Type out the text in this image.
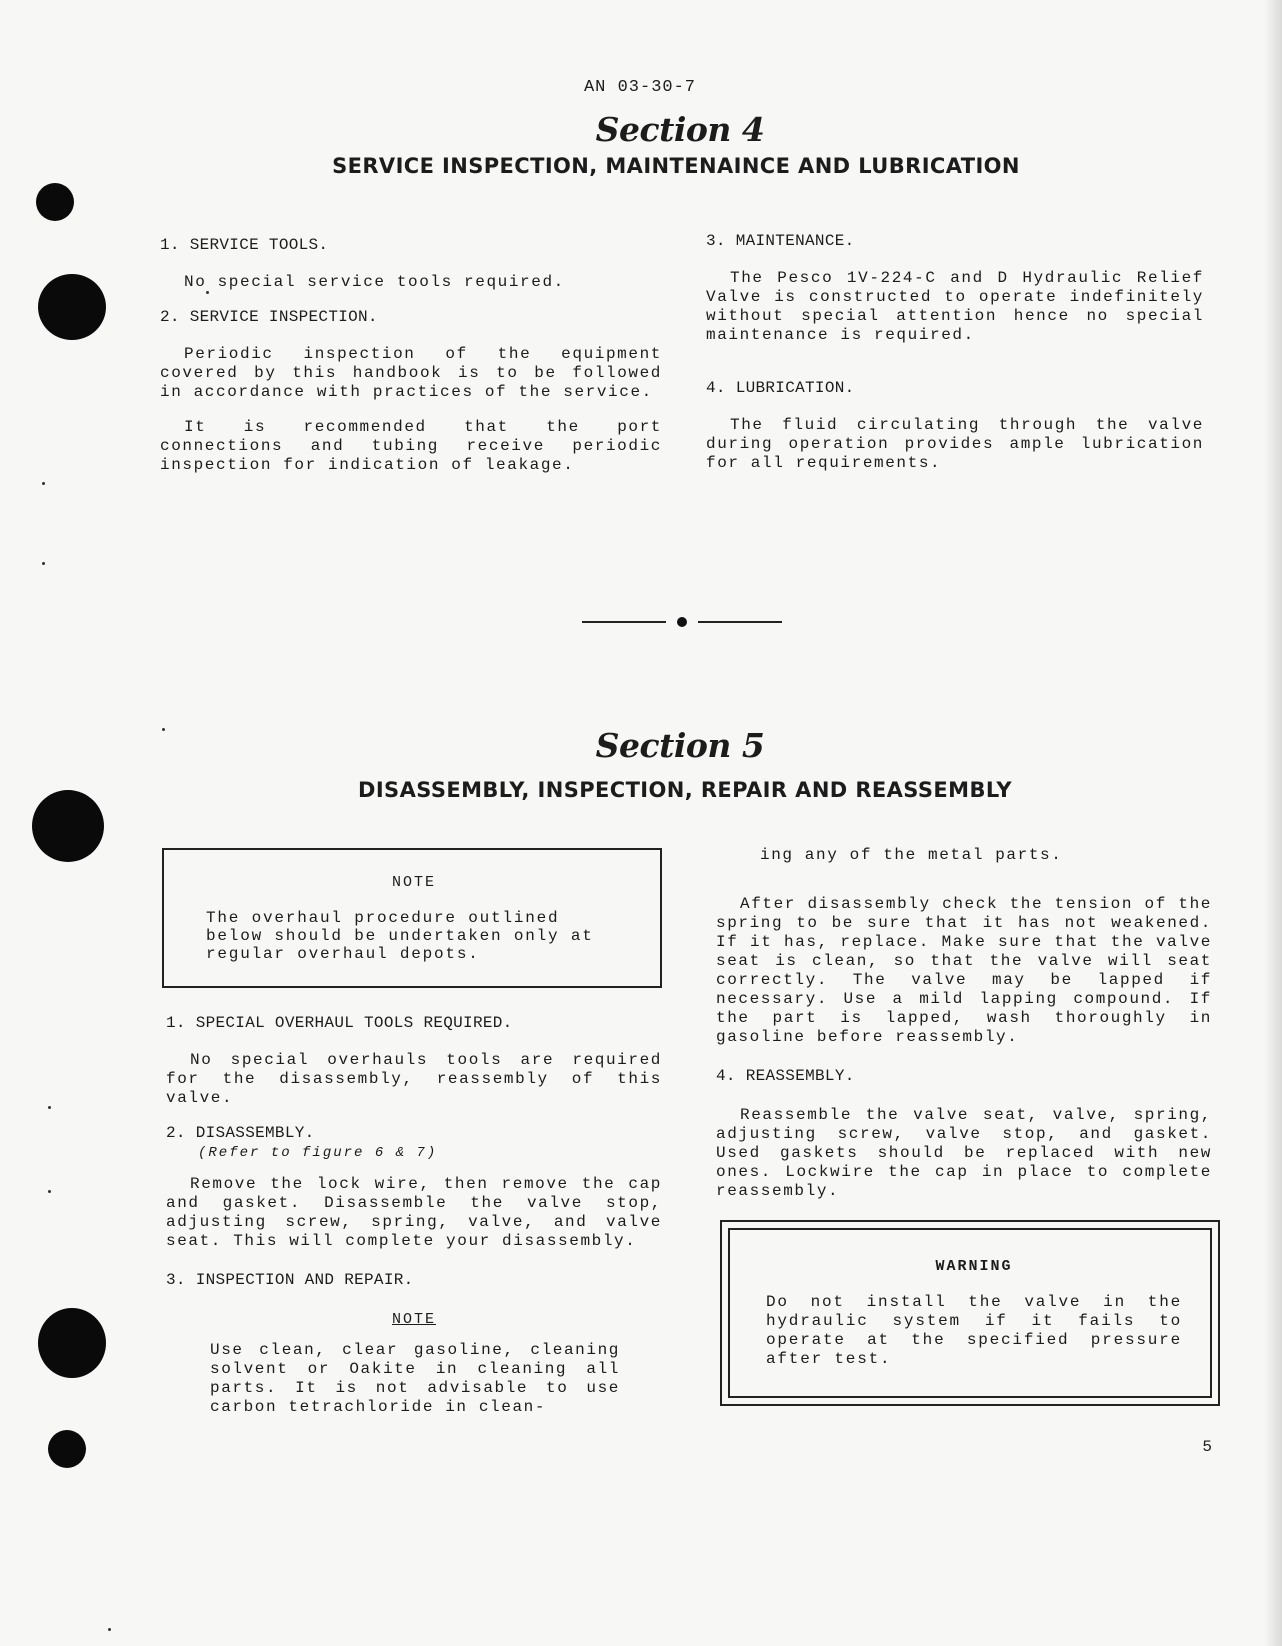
AN 03-30-7
Section 4
SERVICE INSPECTION, MAINTENAINCE AND LUBRICATION
1. SERVICE TOOLS.
No special service tools required.
2. SERVICE INSPECTION.
Periodic inspection of the equipment covered by this handbook is to be followed in accordance with practices of the service.
It is recommended that the port connections and tubing receive periodic inspection for indication of leakage.
3. MAINTENANCE.
The Pesco 1V-224-C and D Hydraulic Relief Valve is constructed to operate indefinitely without special attention hence no special maintenance is required.
4. LUBRICATION.
The fluid circulating through the valve during operation provides ample lubrication for all requirements.
Section 5
DISASSEMBLY, INSPECTION, REPAIR AND REASSEMBLY
NOTE
The overhaul procedure outlined below should be undertaken only at regular overhaul depots.
1. SPECIAL OVERHAUL TOOLS REQUIRED.
No special overhauls tools are required for the disassembly, reassembly of this valve.
2. DISASSEMBLY.
(Refer to figure 6 & 7)
Remove the lock wire, then remove the cap and gasket. Disassemble the valve stop, adjusting screw, spring, valve, and valve seat. This will complete your disassembly.
3. INSPECTION AND REPAIR.
NOTE
Use clean, clear gasoline, cleaning solvent or Oakite in cleaning all parts. It is not advisable to use carbon tetrachloride in clean-
ing any of the metal parts.
After disassembly check the tension of the spring to be sure that it has not weakened. If it has, replace. Make sure that the valve seat is clean, so that the valve will seat correctly. The valve may be lapped if necessary. Use a mild lapping compound. If the part is lapped, wash thoroughly in gasoline before reassembly.
4. REASSEMBLY.
Reassemble the valve seat, valve, spring, adjusting screw, valve stop, and gasket. Used gaskets should be replaced with new ones. Lockwire the cap in place to complete reassembly.
WARNING
Do not install the valve in the hydraulic system if it fails to operate at the specified pressure after test.
5
